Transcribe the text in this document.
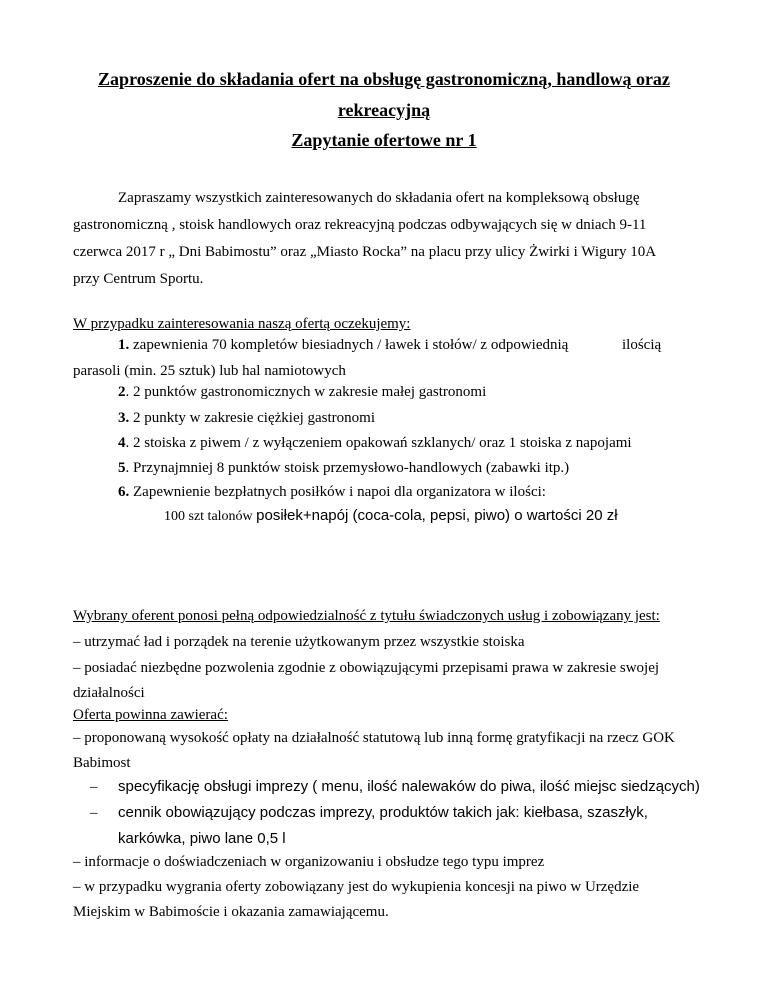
Zaproszenie do składania ofert na obsługę gastronomiczną, handlową oraz
rekreacyjną
Zapytanie ofertowe nr 1
Zapraszamy wszystkich zainteresowanych do składania ofert na kompleksową obsługę
gastronomiczną , stoisk handlowych oraz rekreacyjną podczas odbywających się w dniach 9-11
czerwca 2017 r „ Dni Babimostu” oraz „Miasto Rocka” na placu przy ulicy Żwirki i Wigury 10A
przy Centrum Sportu.
W przypadku zainteresowania naszą ofertą oczekujemy:
1. zapewnienia 70 kompletów biesiadnych / ławek i stołów/ z odpowiednią	ilością
parasoli (min. 25 sztuk) lub hal namiotowych
2. 2 punktów gastronomicznych w zakresie małej gastronomi
3. 2 punkty w zakresie ciężkiej gastronomi
4. 2 stoiska z piwem / z wyłączeniem opakowań szklanych/ oraz 1 stoiska z napojami
5. Przynajmniej 8 punktów stoisk przemysłowo-handlowych (zabawki itp.)
6. Zapewnienie bezpłatnych posiłków i napoi dla organizatora w ilości:
100 szt talonów posiłek+napój (coca-cola, pepsi, piwo) o wartości 20 zł
Wybrany oferent ponosi pełną odpowiedzialność z tytułu świadczonych usług i zobowiązany jest:
– utrzymać ład i porządek na terenie użytkowanym przez wszystkie stoiska
– posiadać niezbędne pozwolenia zgodnie z obowiązującymi przepisami prawa w zakresie swojej
działalności
Oferta powinna zawierać:
– proponowaną wysokość opłaty na działalność statutową lub inną formę gratyfikacji na rzecz GOK
Babimost
– specyfikację obsługi imprezy ( menu, ilość nalewaków do piwa, ilość miejsc siedzących)
– cennik obowiązujący podczas imprezy, produktów takich jak: kiełbasa, szaszłyk,
karkówka, piwo lane 0,5 l
– informacje o doświadczeniach w organizowaniu i obsłudze tego typu imprez
– w przypadku wygrania oferty zobowiązany jest do wykupienia koncesji na piwo w Urzędzie
Miejskim w Babimoście i okazania zamawiającemu.
